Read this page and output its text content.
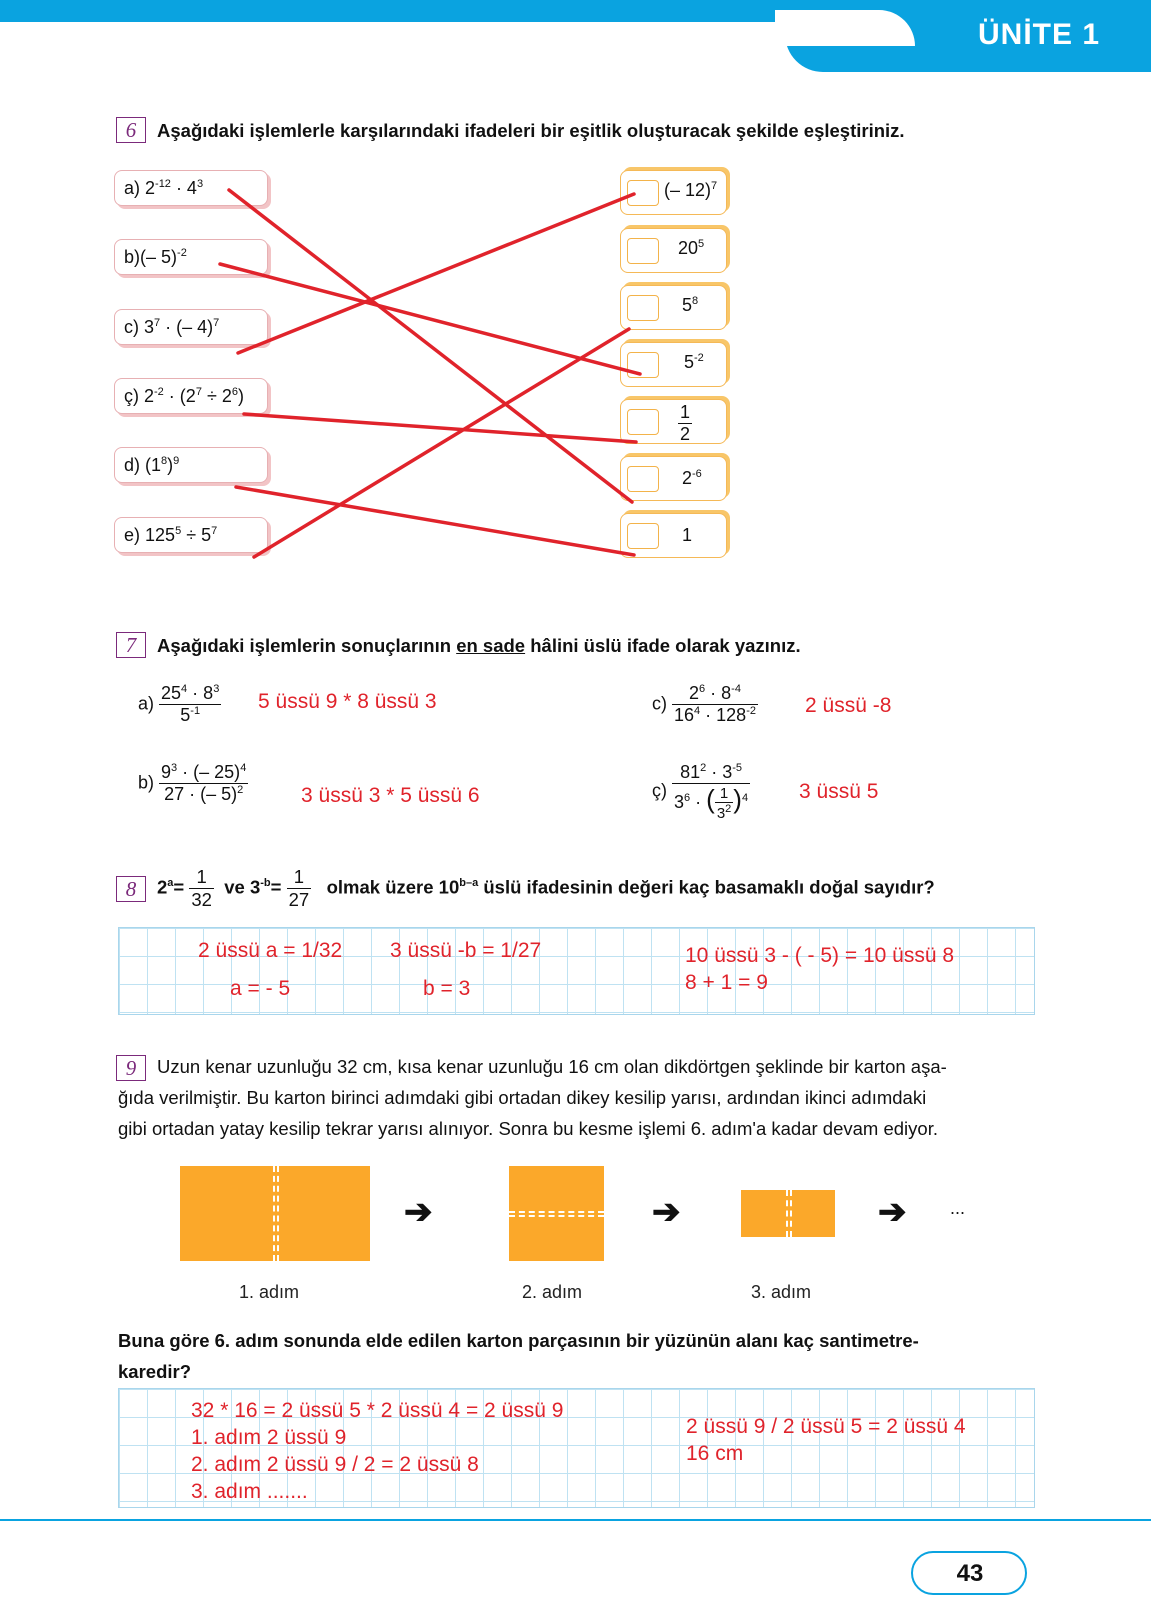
ÜNİTE 1
6	Aşağıdaki işlemlerle karşılarındaki ifadeleri bir eşitlik oluşturacak şekilde eşleştiriniz.
a) $2^{-12} \cdot 4^3$
b)(– 5)$^{-2}$
c) $3^7$ · (– 4)$^7$
ç) $2^{-2} \cdot (2^7 \div 2^6)$
d) $(1^8)^9$
e) $125^5 \div 5^7$
(– 12)$^7$
$20^5$
$5^8$
$5^{-2}$
$\frac{1}{2}$
$2^{-6}$
1
7	Aşağıdaki işlemlerin sonuçlarının en sade hâlini üslü ifade olarak yazınız.
$a) \frac{25^4 \cdot 8^3}{5^{-1}} 5$ üssü 9 * 8 üssü 3	$c) \frac{2^6 \cdot 8^{-4}}{16^4 \cdot 128^{-2}} 2$ üssü -8
$b) \frac{9^3 \cdot (- 25)^4}{27 \cdot (- 5)^2}$	3 üssü 3 * 5 üssü 6	ç) $\frac{81^2 \cdot 3^{-5}}{3^6 \cdot ( \frac{1}{3^2} )^4} 3$ üssü 5
8	$2^a= \frac{1}{32}$ ve $3^{-b}= \frac{1}{27}$ olmak üzere 10$^{b-a}$ üslü ifadesinin değeri kaç basamaklı doğal sayıdır?
2 üssü a = 1/32 3 üssü -b = 1/27
a = - 5	b = 3
10 üssü 3 - ( - 5) = 10 üssü 8
8 + 1 = 9
9	Uzun kenar uzunluğu 32 cm, kısa kenar uzunluğu 16 cm olan dikdörtgen şeklinde bir karton aşa-
ğıda verilmiştir. Bu karton birinci adımdaki gibi ortadan dikey kesilip yarısı, ardından ikinci adımdaki
gibi ortadan yatay kesilip tekrar yarısı alınıyor. Sonra bu kesme işlemi 6. adım'a kadar devam ediyor.
➔	➔	➔ ...
1. adım	2. adım	3. adım
Buna göre 6. adım sonunda elde edilen karton parçasının bir yüzünün alanı kaç santimetre-
karedir?
32 * 16 = 2 üssü 5 * 2 üssü 4 = 2 üssü 9
1. adım 2 üssü 9
2. adım 2 üssü 9 / 2 = 2 üssü 8
3. adım .......
2 üssü 9 / 2 üssü 5 = 2 üssü 4
16 cm
43
